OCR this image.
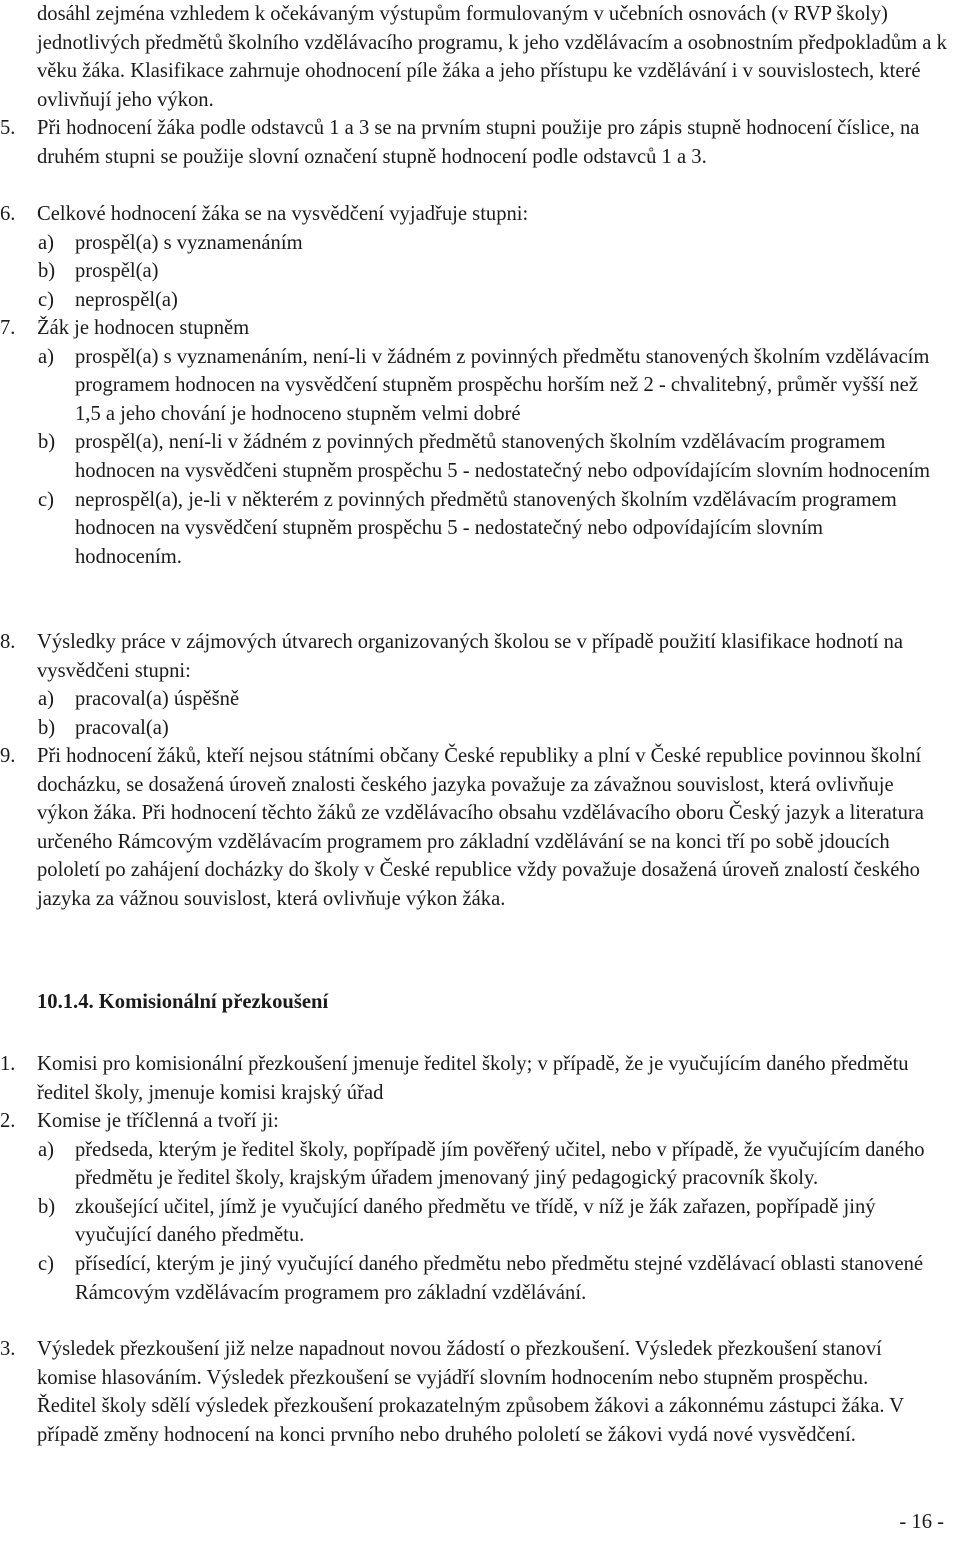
dosáhl zejména vzhledem k očekávaným výstupům formulovaným v učebních osnovách (v RVP školy) jednotlivých předmětů školního vzdělávacího programu, k jeho vzdělávacím a osobnostním předpokladům a k věku žáka. Klasifikace zahrnuje ohodnocení píle žáka a jeho přístupu ke vzdělávání i v souvislostech, které ovlivňují jeho výkon.
5. Při hodnocení žáka podle odstavců 1 a 3 se na prvním stupni použije pro zápis stupně hodnocení číslice, na druhém stupni se použije slovní označení stupně hodnocení podle odstavců 1 a 3.
6. Celkové hodnocení žáka se na vysvědčení vyjadřuje stupni:
a) prospěl(a) s vyznamenáním
b) prospěl(a)
c) neprospěl(a)
7. Žák je hodnocen stupněm
a) prospěl(a) s vyznamenáním, není-li v žádném z povinných předmětu stanovených školním vzdělávacím programem hodnocen na vysvědčení stupněm prospěchu horším než 2 - chvalitebný, průměr vyšší než 1,5 a jeho chování je hodnoceno stupněm velmi dobré
b) prospěl(a), není-li v žádném z povinných předmětů stanovených školním vzdělávacím programem hodnocen na vysvědčeni stupněm prospěchu 5 - nedostatečný nebo odpovídajícím slovním hodnocením
c) neprospěl(a), je-li v některém z povinných předmětů stanovených školním vzdělávacím programem hodnocen na vysvědčení stupněm prospěchu 5 - nedostatečný nebo odpovídajícím slovním hodnocením.
8. Výsledky práce v zájmových útvarech organizovaných školou se v případě použití klasifikace hodnotí na vysvědčeni stupni:
a) pracoval(a) úspěšně
b) pracoval(a)
9. Při hodnocení žáků, kteří nejsou státními občany České republiky a plní v České republice povinnou školní docházku, se dosažená úroveň znalosti českého jazyka považuje za závažnou souvislost, která ovlivňuje výkon žáka. Při hodnocení těchto žáků ze vzdělávacího obsahu vzdělávacího oboru Český jazyk a literatura určeného Rámcovým vzdělávacím programem pro základní vzdělávání se na konci tří po sobě jdoucích pololetí po zahájení docházky do školy v České republice vždy považuje dosažená úroveň znalostí českého jazyka za vážnou souvislost, která ovlivňuje výkon žáka.
10.1.4. Komisionální přezkoušení
1. Komisi pro komisionální přezkoušení jmenuje ředitel školy; v případě, že je vyučujícím daného předmětu ředitel školy, jmenuje komisi krajský úřad
2. Komise je tříčlenná a tvoří ji:
a) předseda, kterým je ředitel školy, popřípadě jím pověřený učitel, nebo v případě, že vyučujícím daného předmětu je ředitel školy, krajským úřadem jmenovaný jiný pedagogický pracovník školy.
b) zkoušející učitel, jímž je vyučující daného předmětu ve třídě, v níž je žák zařazen, popřípadě jiný vyučující daného předmětu.
c) přísedící, kterým je jiný vyučující daného předmětu nebo předmětu stejné vzdělávací oblasti stanovené Rámcovým vzdělávacím programem pro základní vzdělávání.
3. Výsledek přezkoušení již nelze napadnout novou žádostí o přezkoušení. Výsledek přezkoušení stanoví komise hlasováním. Výsledek přezkoušení se vyjádří slovním hodnocením nebo stupněm prospěchu. Ředitel školy sdělí výsledek přezkoušení prokazatelným způsobem žákovi a zákonnému zástupci žáka. V případě změny hodnocení na konci prvního nebo druhého pololetí se žákovi vydá nové vysvědčení.
- 16 -
